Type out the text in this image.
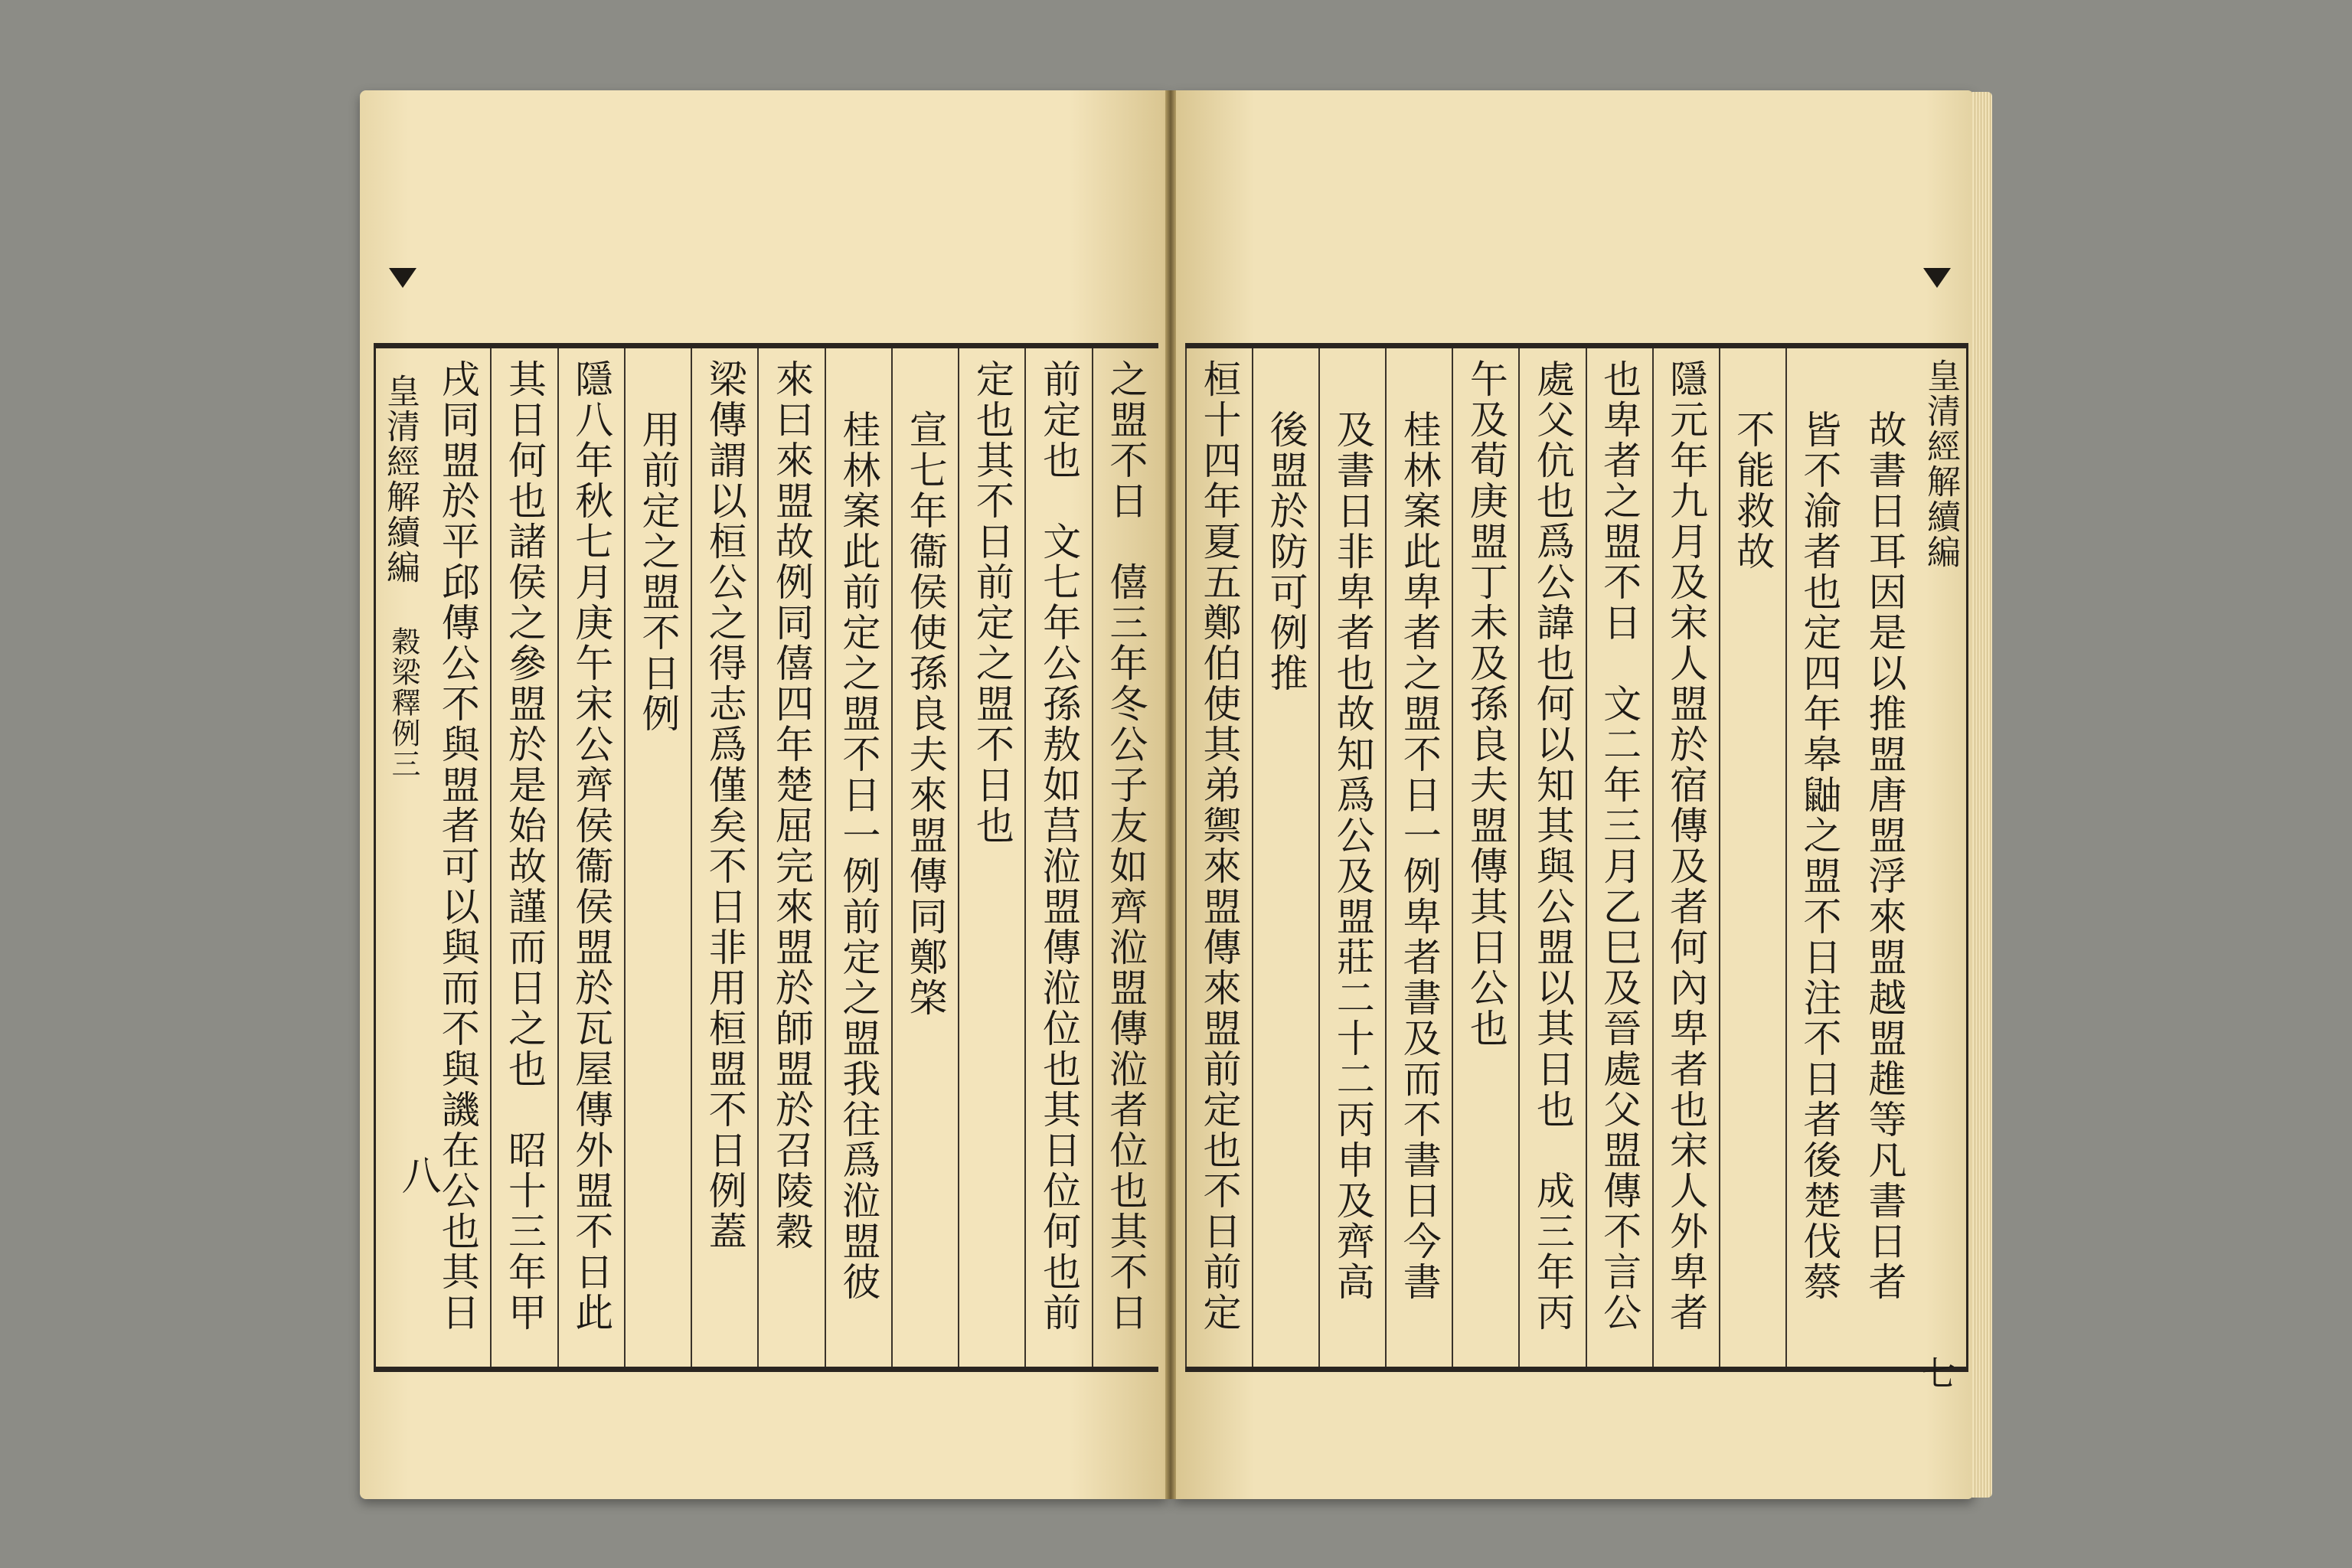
皇清經解續編
穀梁釋例三
八	之盟不日　僖三年冬公子友如齊涖盟傳涖者位也其不日
前定也　文七年公孫敖如莒涖盟傳涖位也其日位何也前
定也其不日前定之盟不日也
宣七年衞侯使孫良夫來盟傳同鄭棨
桂林案此前定之盟不日一例前定之盟我往爲涖盟彼
來曰來盟故例同僖四年楚屈完來盟於師盟於召陵穀
梁傳謂以桓公之得志爲僅矣不日非用桓盟不日例蓋
用前定之盟不日例
隱八年秋七月庚午宋公齊侯衞侯盟於瓦屋傳外盟不日此
其日何也諸侯之參盟於是始故謹而日之也　昭十三年甲
戌同盟於平邱傳公不與盟者可以與而不與譏在公也其日	故書日耳因是以推盟唐盟浮來盟越盟趡等凡書日者
皆不渝者也定四年皋鼬之盟不日注不日者後楚伐蔡
不能救故
隱元年九月及宋人盟於宿傳及者何內卑者也宋人外卑者
也卑者之盟不日　文二年三月乙巳及晉處父盟傳不言公
處父伉也爲公諱也何以知其與公盟以其日也　成三年丙
午及荀庚盟丁未及孫良夫盟傳其日公也
桂林案此卑者之盟不日一例卑者書及而不書日今書
及書日非卑者也故知爲公及盟莊二十二丙申及齊高
後盟於防可例推
桓十四年夏五鄭伯使其弟禦來盟傳來盟前定也不日前定	皇清經解續編
七
